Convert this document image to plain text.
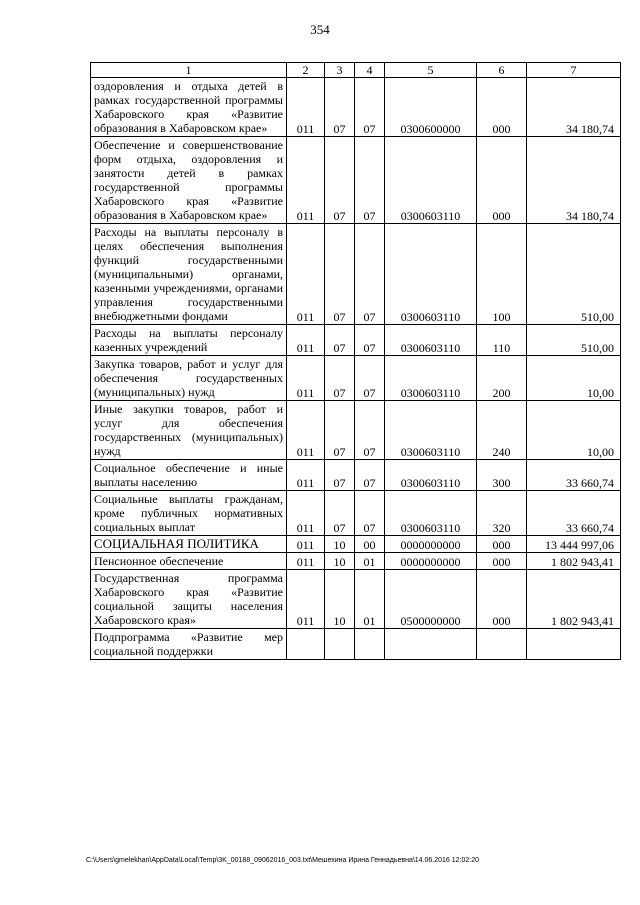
354
1	2	3	4	5	6	7
оздоровления и отдыха детей в рамках государственной программы Хабаровского края «Развитие образования в Хабаровском крае»	011	07	07	0300600000	000	34 180,74
Обеспечение и совершенствование форм отдыха, оздоровления и занятости детей в рамках государственной программы Хабаровского края «Развитие образования в Хабаровском крае»	011	07	07	0300603110	000	34 180,74
Расходы на выплаты персоналу в целях обеспечения выполнения функций государственными (муниципальными) органами, казенными учреждениями, органами управления государственными внебюджетными фондами	011	07	07	0300603110	100	510,00
Расходы на выплаты персоналу казенных учреждений	011	07	07	0300603110	110	510,00
Закупка товаров, работ и услуг для обеспечения государственных (муниципальных) нужд	011	07	07	0300603110	200	10,00
Иные закупки товаров, работ и услуг для обеспечения государственных (муниципальных) нужд	011	07	07	0300603110	240	10,00
Социальное обеспечение и иные выплаты населению	011	07	07	0300603110	300	33 660,74
Социальные выплаты гражданам, кроме публичных нормативных социальных выплат	011	07	07	0300603110	320	33 660,74
СОЦИАЛЬНАЯ ПОЛИТИКА	011	10	00	0000000000	000	13 444 997,06
Пенсионное обеспечение	011	10	01	0000000000	000	1 802 943,41
Государственная программа Хабаровского края «Развитие социальной защиты населения Хабаровского края»	011	10	01	0500000000	000	1 802 943,41
Подпрограмма «Развитие мер социальной поддержки						
C:\Users\gmelekhan\AppData\Local\Temp\3K_00188_09062016_003.txt\Мешехина Ирина Геннадьевна\14.06.2016 12:02:20
